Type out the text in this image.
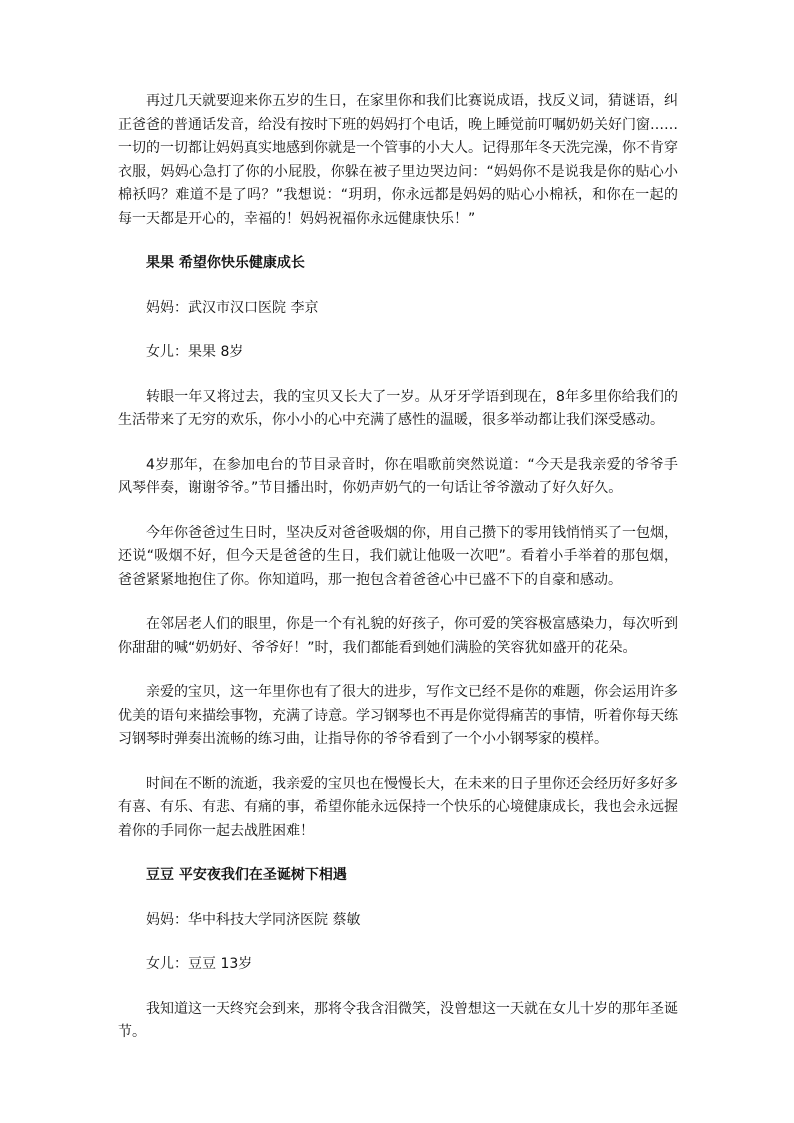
再过几天就要迎来你五岁的生日，在家里你和我们比赛说成语，找反义词，猜谜语，纠正爸爸的普通话发音，给没有按时下班的妈妈打个电话，晚上睡觉前叮嘱奶奶关好门窗……一切的一切都让妈妈真实地感到你就是一个管事的小大人。记得那年冬天洗完澡，你不肯穿衣服，妈妈心急打了你的小屁股，你躲在被子里边哭边问：“妈妈你不是说我是你的贴心小棉袄吗？难道不是了吗？”我想说：“玥玥，你永远都是妈妈的贴心小棉袄，和你在一起的每一天都是开心的，幸福的！妈妈祝福你永远健康快乐！”

果果 希望你快乐健康成长

妈妈：武汉市汉口医院 李京

女儿：果果 8岁

转眼一年又将过去，我的宝贝又长大了一岁。从牙牙学语到现在，8年多里你给我们的生活带来了无穷的欢乐，你小小的心中充满了感性的温暖，很多举动都让我们深受感动。

4岁那年，在参加电台的节目录音时，你在唱歌前突然说道：“今天是我亲爱的爷爷手风琴伴奏，谢谢爷爷。”节目播出时，你奶声奶气的一句话让爷爷激动了好久好久。

今年你爸爸过生日时，坚决反对爸爸吸烟的你，用自己攒下的零用钱悄悄买了一包烟，还说“吸烟不好，但今天是爸爸的生日，我们就让他吸一次吧”。看着小手举着的那包烟，爸爸紧紧地抱住了你。你知道吗，那一抱包含着爸爸心中已盛不下的自豪和感动。

在邻居老人们的眼里，你是一个有礼貌的好孩子，你可爱的笑容极富感染力，每次听到你甜甜的喊“奶奶好、爷爷好！”时，我们都能看到她们满脸的笑容犹如盛开的花朵。

亲爱的宝贝，这一年里你也有了很大的进步，写作文已经不是你的难题，你会运用许多优美的语句来描绘事物，充满了诗意。学习钢琴也不再是你觉得痛苦的事情，听着你每天练习钢琴时弹奏出流畅的练习曲，让指导你的爷爷看到了一个小小钢琴家的模样。

时间在不断的流逝，我亲爱的宝贝也在慢慢长大，在未来的日子里你还会经历好多好多有喜、有乐、有悲、有痛的事，希望你能永远保持一个快乐的心境健康成长，我也会永远握着你的手同你一起去战胜困难！

豆豆 平安夜我们在圣诞树下相遇

妈妈：华中科技大学同济医院 蔡敏

女儿：豆豆 13岁

我知道这一天终究会到来，那将令我含泪微笑，没曾想这一天就在女儿十岁的那年圣诞节。
